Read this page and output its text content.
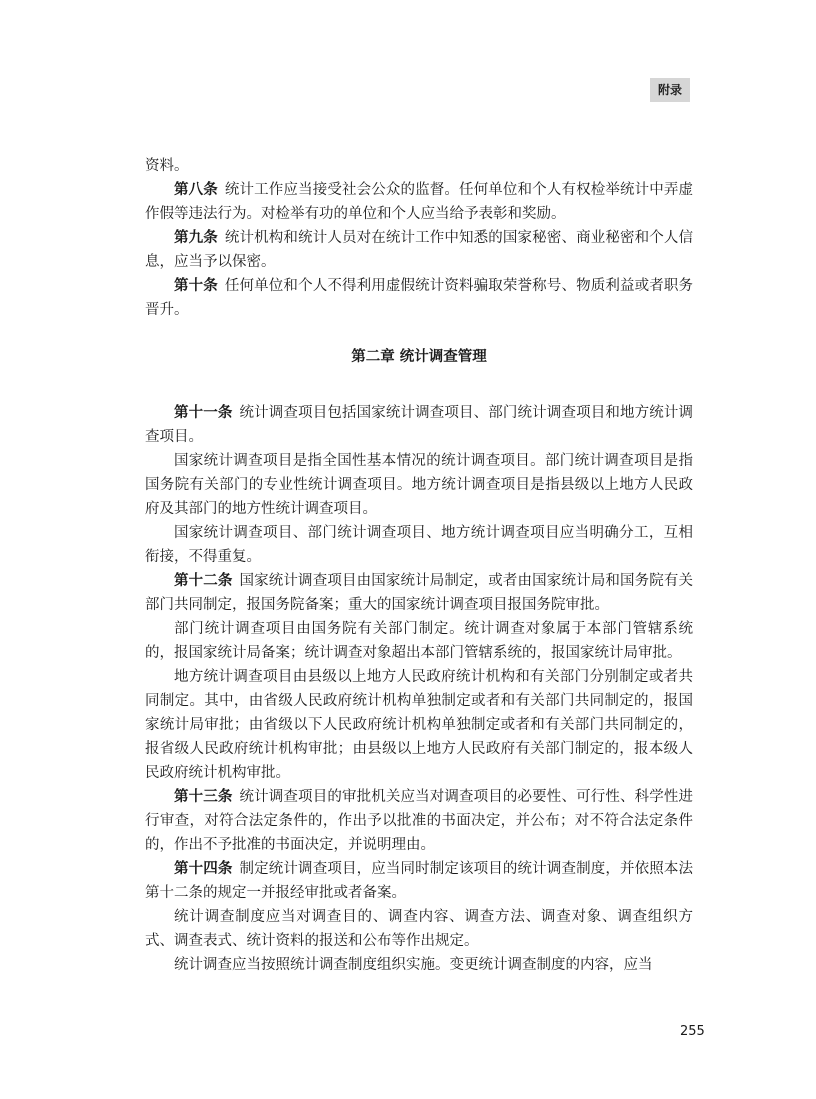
附录

资料。

第八条 统计工作应当接受社会公众的监督。任何单位和个人有权检举统计中弄虚作假等违法行为。对检举有功的单位和个人应当给予表彰和奖励。

第九条 统计机构和统计人员对在统计工作中知悉的国家秘密、商业秘密和个人信息，应当予以保密。

第十条 任何单位和个人不得利用虚假统计资料骗取荣誉称号、物质利益或者职务晋升。

第二章 统计调查管理

第十一条 统计调查项目包括国家统计调查项目、部门统计调查项目和地方统计调查项目。

国家统计调查项目是指全国性基本情况的统计调查项目。部门统计调查项目是指国务院有关部门的专业性统计调查项目。地方统计调查项目是指县级以上地方人民政府及其部门的地方性统计调查项目。

国家统计调查项目、部门统计调查项目、地方统计调查项目应当明确分工，互相衔接，不得重复。

第十二条 国家统计调查项目由国家统计局制定，或者由国家统计局和国务院有关部门共同制定，报国务院备案；重大的国家统计调查项目报国务院审批。

部门统计调查项目由国务院有关部门制定。统计调查对象属于本部门管辖系统的，报国家统计局备案；统计调查对象超出本部门管辖系统的，报国家统计局审批。

地方统计调查项目由县级以上地方人民政府统计机构和有关部门分别制定或者共同制定。其中，由省级人民政府统计机构单独制定或者和有关部门共同制定的，报国家统计局审批；由省级以下人民政府统计机构单独制定或者和有关部门共同制定的，报省级人民政府统计机构审批；由县级以上地方人民政府有关部门制定的，报本级人民政府统计机构审批。

第十三条 统计调查项目的审批机关应当对调查项目的必要性、可行性、科学性进行审查，对符合法定条件的，作出予以批准的书面决定，并公布；对不符合法定条件的，作出不予批准的书面决定，并说明理由。

第十四条 制定统计调查项目，应当同时制定该项目的统计调查制度，并依照本法第十二条的规定一并报经审批或者备案。

统计调查制度应当对调查目的、调查内容、调查方法、调查对象、调查组织方式、调查表式、统计资料的报送和公布等作出规定。

统计调查应当按照统计调查制度组织实施。变更统计调查制度的内容，应当

255
